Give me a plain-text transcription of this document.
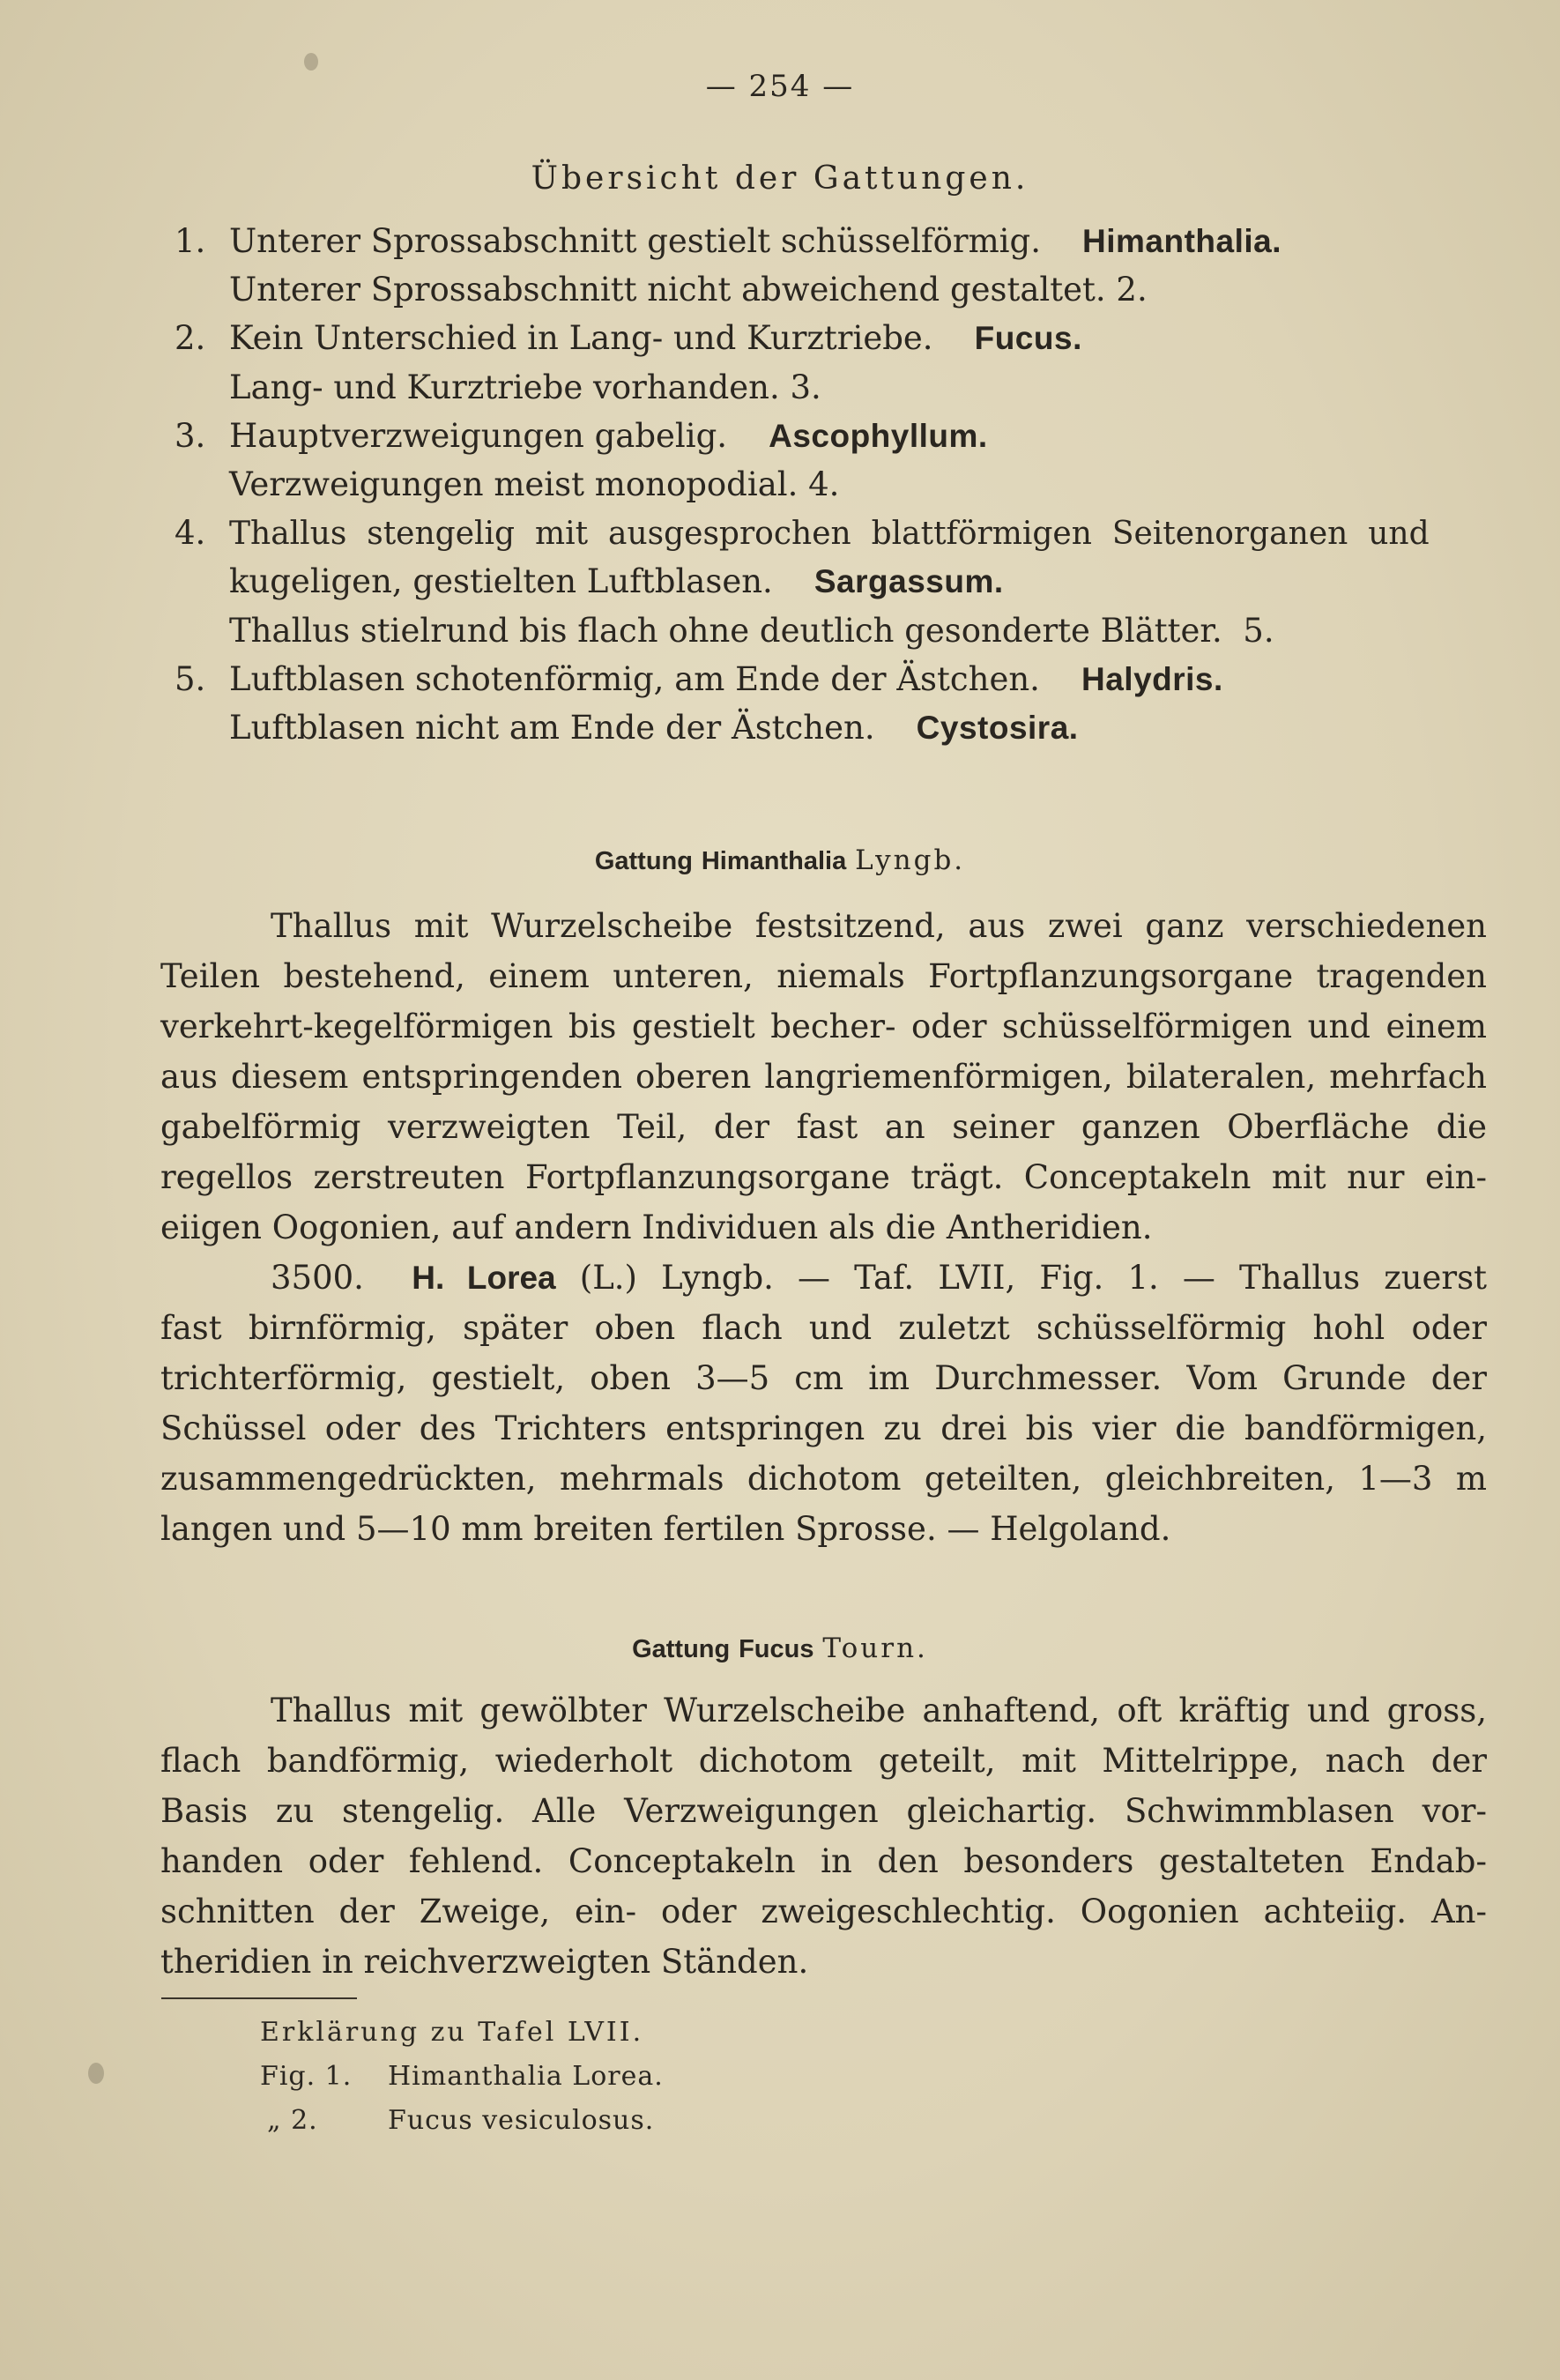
— 254 —
Übersicht der Gattungen.
1. Unterer Sprossabschnitt gestielt schüsselförmig. Himanthalia.
Unterer Sprossabschnitt nicht abweichend gestaltet. 2.
2. Kein Unterschied in Lang- und Kurztriebe. Fucus.
Lang- und Kurztriebe vorhanden. 3.
3. Hauptverzweigungen gabelig. Ascophyllum.
Verzweigungen meist monopodial. 4.
4. Thallus  stengelig  mit  ausgesprochen  blattförmigen  Seitenorganen  und
kugeligen, gestielten Luftblasen. Sargassum.
Thallus stielrund bis flach ohne deutlich gesonderte Blätter.  5.
5. Luftblasen schotenförmig, am Ende der Ästchen. Halydris.
Luftblasen nicht am Ende der Ästchen. Cystosira.
Gattung Himanthalia Lyngb.
Thallus mit Wurzelscheibe festsitzend, aus zwei ganz verschiedenen
Teilen bestehend, einem unteren, niemals Fortpflanzungsorgane tragenden
verkehrt-kegelförmigen bis gestielt becher- oder schüsselförmigen und einem
aus diesem entspringenden oberen langriemenförmigen, bilateralen, mehrfach
gabelförmig verzweigten Teil, der fast an seiner ganzen Oberfläche die
regellos zerstreuten Fortpflanzungsorgane trägt. Conceptakeln mit nur ein-
eiigen Oogonien, auf andern Individuen als die Antheridien.
3500. H. Lorea (L.) Lyngb. — Taf. LVII, Fig. 1. — Thallus zuerst
fast birnförmig, später oben flach und zuletzt schüsselförmig hohl oder
trichterförmig, gestielt, oben 3—5 cm im Durchmesser. Vom Grunde der
Schüssel oder des Trichters entspringen zu drei bis vier die bandförmigen,
zusammengedrückten, mehrmals dichotom geteilten, gleichbreiten, 1—3 m
langen und 5—10 mm breiten fertilen Sprosse. — Helgoland.
Gattung Fucus Tourn.
Thallus mit gewölbter Wurzelscheibe anhaftend, oft kräftig und gross,
flach bandförmig, wiederholt dichotom geteilt, mit Mittelrippe, nach der
Basis zu stengelig. Alle Verzweigungen gleichartig. Schwimmblasen vor-
handen oder fehlend. Conceptakeln in den besonders gestalteten Endab-
schnitten der Zweige, ein- oder zweigeschlechtig. Oogonien achteiig. An-
theridien in reichverzweigten Ständen.
Erklärung zu Tafel LVII.
Fig. 1. Himanthalia Lorea.
„ 2.	Fucus vesiculosus.
